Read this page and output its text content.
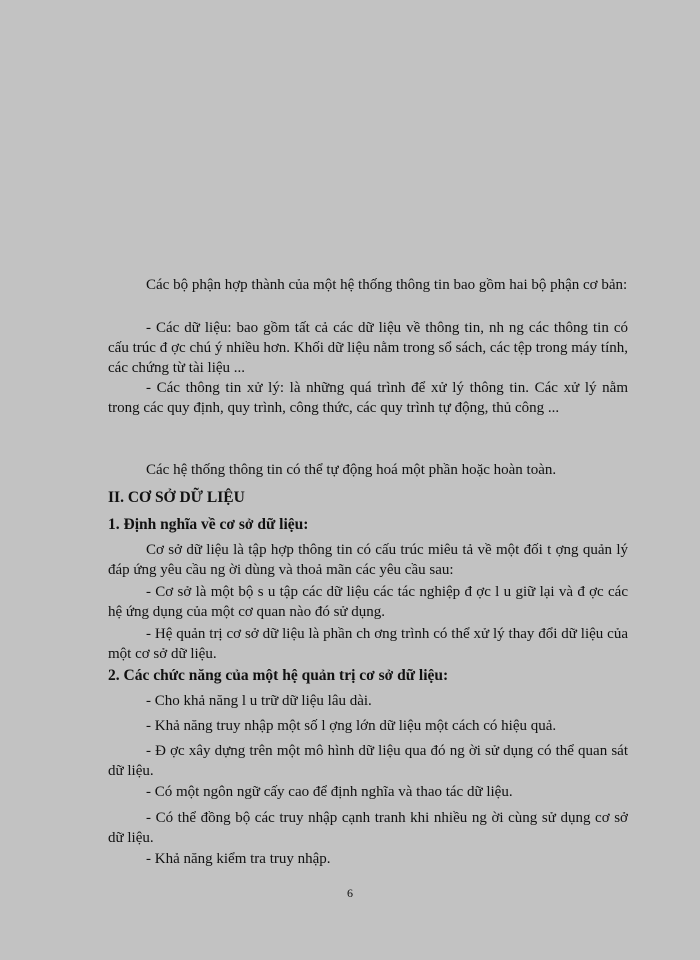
Các bộ phận hợp thành của một hệ thống thông tin bao gồm hai bộ phận cơ bản:

- Các dữ liệu: bao gồm tất cả các dữ liệu về thông tin, nh ng các thông tin có cấu trúc đ ợc chú ý nhiều hơn. Khối dữ liệu nằm trong sổ sách, các tệp trong máy tính, các chứng từ tài liệu ...

- Các thông tin xử lý: là những quá trình để xử lý thông tin. Các xử lý nằm trong các quy định, quy trình, công thức, các quy trình tự động, thủ công ...

Các hệ thống thông tin có thể tự động hoá một phần hoặc hoàn toàn.

II. CƠ SỞ DỮ LIỆU
1. Định nghĩa về cơ sở dữ liệu:

Cơ sở dữ liệu là tập hợp thông tin có cấu trúc miêu tả về một đối t ợng quản lý đáp ứng yêu cầu ng ời dùng và thoả mãn các yêu cầu sau:

- Cơ sở là một bộ s u tập các dữ liệu các tác nghiệp đ ợc l u giữ lại và đ ợc các hệ ứng dụng của một cơ quan nào đó sử dụng.

- Hệ quản trị cơ sở dữ liệu là phần ch ơng trình có thể xử lý thay đổi dữ liệu của một cơ sở dữ liệu.

2. Các chức năng của một hệ quản trị cơ sở dữ liệu:

- Cho khả năng l u trữ dữ liệu lâu dài.

- Khả năng truy nhập một số l ợng lớn dữ liệu một cách có hiệu quả.

- Đ ợc xây dựng trên một mô hình dữ liệu qua đó ng ời sử dụng có thể quan sát dữ liệu.

- Có một ngôn ngữ cấy cao để định nghĩa và thao tác dữ liệu.

- Có thể đồng bộ các truy nhập cạnh tranh khi nhiều ng ời cùng sử dụng cơ sở dữ liệu.

- Khả năng kiểm tra truy nhập.

6
